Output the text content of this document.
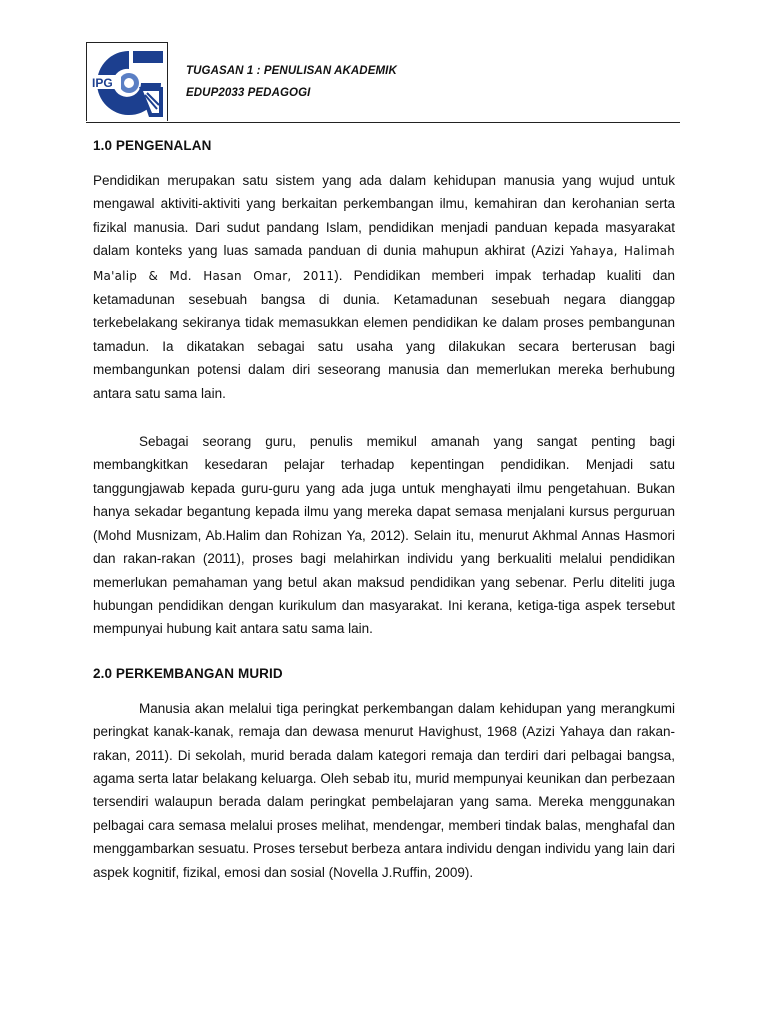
IPG
TUGASAN 1 : PENULISAN AKADEMIK
EDUP2033 PEDAGOGI
1.0 PENGENALAN

Pendidikan merupakan satu sistem yang ada dalam kehidupan manusia yang wujud untuk mengawal aktiviti-aktiviti yang berkaitan perkembangan ilmu, kemahiran dan kerohanian serta fizikal manusia. Dari sudut pandang Islam, pendidikan menjadi panduan kepada masyarakat dalam konteks yang luas samada panduan di dunia mahupun akhirat (Azizi Yahaya, Halimah Ma'alip & Md. Hasan Omar, 2011). Pendidikan memberi impak terhadap kualiti dan ketamadunan sesebuah bangsa di dunia. Ketamadunan sesebuah negara dianggap terkebelakang sekiranya tidak memasukkan elemen pendidikan ke dalam proses pembangunan tamadun. Ia dikatakan sebagai satu usaha yang dilakukan secara berterusan bagi membangunkan potensi dalam diri seseorang manusia dan memerlukan mereka berhubung antara satu sama lain.

Sebagai seorang guru, penulis memikul amanah yang sangat penting bagi membangkitkan kesedaran pelajar terhadap kepentingan pendidikan. Menjadi satu tanggungjawab kepada guru-guru yang ada juga untuk menghayati ilmu pengetahuan. Bukan hanya sekadar begantung kepada ilmu yang mereka dapat semasa menjalani kursus perguruan (Mohd Musnizam, Ab.Halim dan Rohizan Ya, 2012). Selain itu, menurut Akhmal Annas Hasmori dan rakan-rakan (2011), proses bagi melahirkan individu yang berkualiti melalui pendidikan memerlukan pemahaman yang betul akan maksud pendidikan yang sebenar. Perlu diteliti juga hubungan pendidikan dengan kurikulum dan masyarakat. Ini kerana, ketiga-tiga aspek tersebut mempunyai hubung kait antara satu sama lain.

2.0 PERKEMBANGAN MURID

Manusia akan melalui tiga peringkat perkembangan dalam kehidupan yang merangkumi peringkat kanak-kanak, remaja dan dewasa menurut Havighust, 1968 (Azizi Yahaya dan rakan-rakan, 2011). Di sekolah, murid berada dalam kategori remaja dan terdiri dari pelbagai bangsa, agama serta latar belakang keluarga. Oleh sebab itu, murid mempunyai keunikan dan perbezaan tersendiri walaupun berada dalam peringkat pembelajaran yang sama. Mereka menggunakan pelbagai cara semasa melalui proses melihat, mendengar, memberi tindak balas, menghafal dan menggambarkan sesuatu. Proses tersebut berbeza antara individu dengan individu yang lain dari aspek kognitif, fizikal, emosi dan sosial (Novella J.Ruffin, 2009).
